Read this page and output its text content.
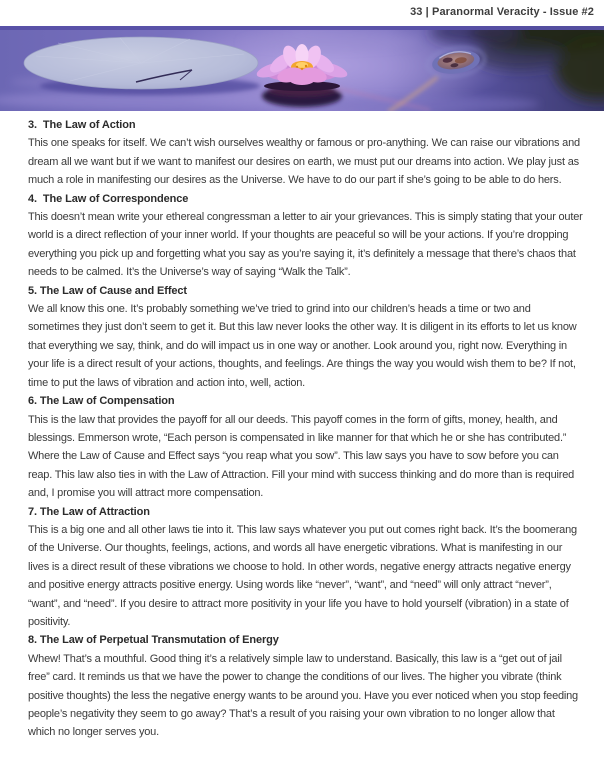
33 | Paranormal Veracity - Issue #2
3.  The Law of Action

This one speaks for itself. We can’t wish ourselves wealthy or famous or pro-anything. We can raise our vibrations and dream all we want but if we want to manifest our desires on earth, we must put our dreams into action. We play just as much a role in manifesting our desires as the Universe. We have to do our part if she’s going to be able to do hers.

4.  The Law of Correspondence

This doesn’t mean write your ethereal congressman a letter to air your grievances. This is simply stating that your outer world is a direct reflection of your inner world. If your thoughts are peaceful so will be your actions. If you’re dropping everything you pick up and forgetting what you say as you’re saying it, it’s definitely a message that there’s chaos that needs to be calmed. It’s the Universe’s way of saying “Walk the Talk”.

5. The Law of Cause and Effect

We all know this one. It’s probably something we’ve tried to grind into our children’s heads a time or two and sometimes they just don’t seem to get it. But this law never looks the other way. It is diligent in its efforts to let us know that everything we say, think, and do will impact us in one way or another. Look around you, right now. Everything in your life is a direct result of your actions, thoughts, and feelings. Are things the way you would wish them to be? If not, time to put the laws of vibration and action into, well, action.

6. The Law of Compensation

This is the law that provides the payoff for all our deeds. This payoff comes in the form of gifts, money, health, and blessings. Emmerson wrote, “Each person is compensated in like manner for that which he or she has contributed.” Where the Law of Cause and Effect says “you reap what you sow”. This law says you have to sow before you can reap. This law also ties in with the Law of Attraction. Fill your mind with success thinking and do more than is required and, I promise you will attract more compensation.

7. The Law of Attraction

This is a big one and all other laws tie into it. This law says whatever you put out comes right back. It’s the boomerang of the Universe. Our thoughts, feelings, actions, and words all have energetic vibrations. What is manifesting in our lives is a direct result of these vibrations we choose to hold. In other words, negative energy attracts negative energy and positive energy attracts positive energy. Using words like “never”, “want”, and “need” will only attract “never”, “want”, and “need”. If you desire to attract more positivity in your life you have to hold yourself (vibration) in a state of positivity.

8. The Law of Perpetual Transmutation of Energy

Whew! That’s a mouthful. Good thing it’s a relatively simple law to understand. Basically, this law is a “get out of jail free” card. It reminds us that we have the power to change the conditions of our lives. The higher you vibrate (think positive thoughts) the less the negative energy wants to be around you. Have you ever noticed when you stop feeding people’s negativity they seem to go away? That’s a result of you raising your own vibration to no longer allow that which no longer serves you.
